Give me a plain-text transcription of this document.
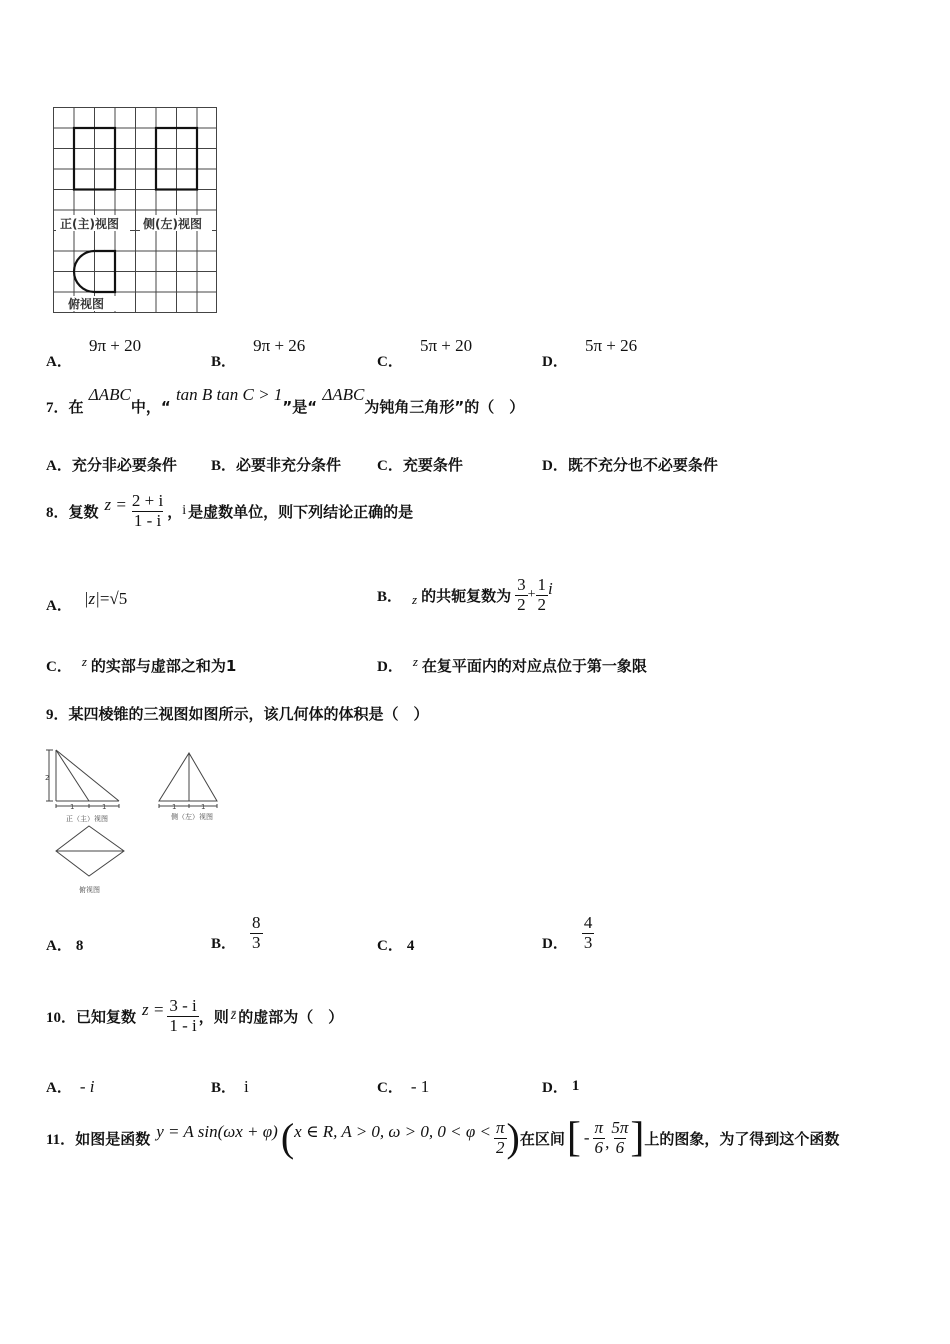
正(主)视图 侧(左)视图
俯视图
A． 9π + 20
B． 9π + 26
C． 5π + 20
D． 5π + 26
7．在 ΔABC中，“ tan B tan C > 1”是“ ΔABC为钝角三角形”的（　）
A．充分非必要条件 B．必要非充分条件 C．充要条件	D．既不充分也不必要条件
8． 复数 $z = \frac{2 + i}{1 - i}$ ， i 是虚数单位，则下列结论正确的是
A． |z| = √5	B． z 的共轭复数为 $\frac{3}{2} + \frac{1}{2}$ i
C． z 的实部与虚部之和为1	D． z 在复平面内的对应点位于第一象限
9．某四棱锥的三视图如图所示，该几何体的体积是（　）
2
1	1	1	1
正（主）视图	侧（左）视图
俯视图
A． 8	B． $\frac{8}{3}$	C． 4	D． $\frac{4}{3}$
10． 已知复数 $z = \frac{3 - i}{1 - i}$ ，则 z̄ 的虚部为（　）
A． - i	B． i	C． - 1	D． 1
11． 如图是函数 y = A sin(ωx + φ) ( x ∈ R, A > 0, ω > 0, $0 < \varphi < \frac{\pi}{2}$ ) 在区间 [ - $\frac{\pi}{6}$ , $\frac{5\pi}{6}$ ] 上的图象，为了得到这个函数
